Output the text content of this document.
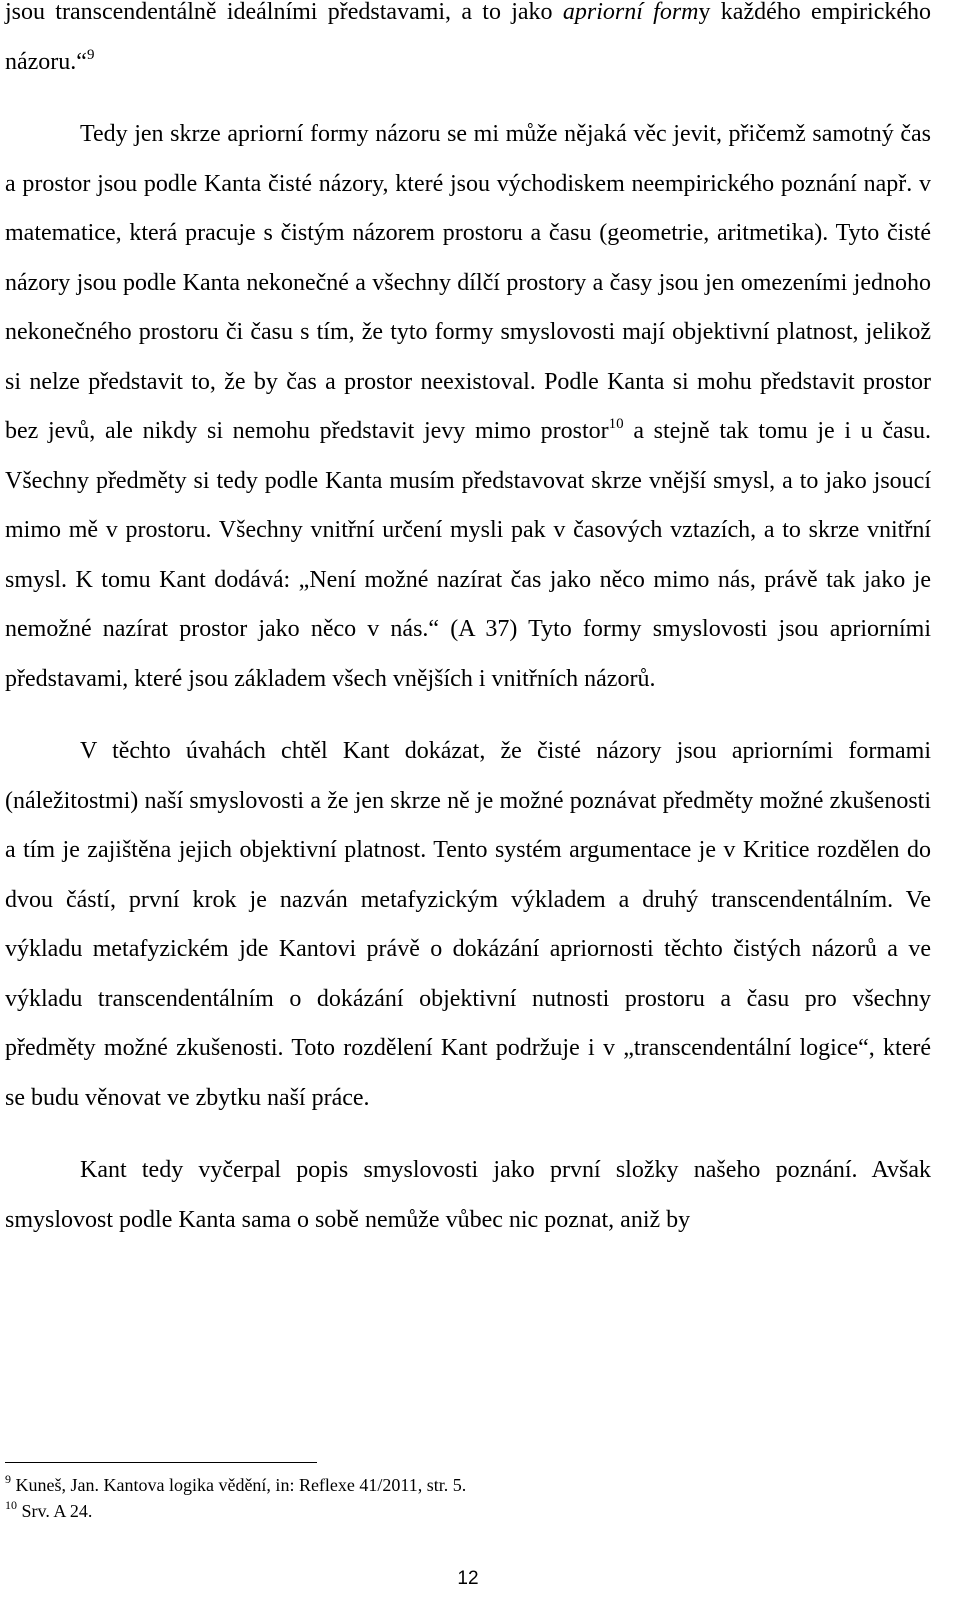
jsou transcendentálně ideálními představami, a to jako apriorní formy každého empirického názoru.“$^9$

Tedy jen skrze apriorní formy názoru se mi může nějaká věc jevit, přičemž samotný čas a prostor jsou podle Kanta čisté názory, které jsou východiskem neempirického poznání např. v matematice, která pracuje s čistým názorem prostoru a času (geometrie, aritmetika). Tyto čisté názory jsou podle Kanta nekonečné a všechny dílčí prostory a časy jsou jen omezeními jednoho nekonečného prostoru či času s tím, že tyto formy smyslovosti mají objektivní platnost, jelikož si nelze představit to, že by čas a prostor neexistoval. Podle Kanta si mohu představit prostor bez jevů, ale nikdy si nemohu představit jevy mimo prostor$^{10}$ a stejně tak tomu je i u času. Všechny předměty si tedy podle Kanta musím představovat skrze vnější smysl, a to jako jsoucí mimo mě v prostoru. Všechny vnitřní určení mysli pak v časových vztazích, a to skrze vnitřní smysl. K tomu Kant dodává: „Není možné nazírat čas jako něco mimo nás, právě tak jako je nemožné nazírat prostor jako něco v nás.“ (A 37) Tyto formy smyslovosti jsou apriorními představami, které jsou základem všech vnějších i vnitřních názorů.

V těchto úvahách chtěl Kant dokázat, že čisté názory jsou apriorními formami (náležitostmi) naší smyslovosti a že jen skrze ně je možné poznávat předměty možné zkušenosti a tím je zajištěna jejich objektivní platnost. Tento systém argumentace je v Kritice rozdělen do dvou částí, první krok je nazván metafyzickým výkladem a druhý transcendentálním. Ve výkladu metafyzickém jde Kantovi právě o dokázání apriornosti těchto čistých názorů a ve výkladu transcendentálním o dokázání objektivní nutnosti prostoru a času pro všechny předměty možné zkušenosti. Toto rozdělení Kant podržuje i v „transcendentální logice“, které se budu věnovat ve zbytku naší práce.

Kant tedy vyčerpal popis smyslovosti jako první složky našeho poznání. Avšak smyslovost podle Kanta sama o sobě nemůže vůbec nic poznat, aniž by

$^9$ Kuneš, Jan. Kantova logika vědění, in: Reflexe 41/2011, str. 5.
$^{10}$ Srv. A 24.
12
